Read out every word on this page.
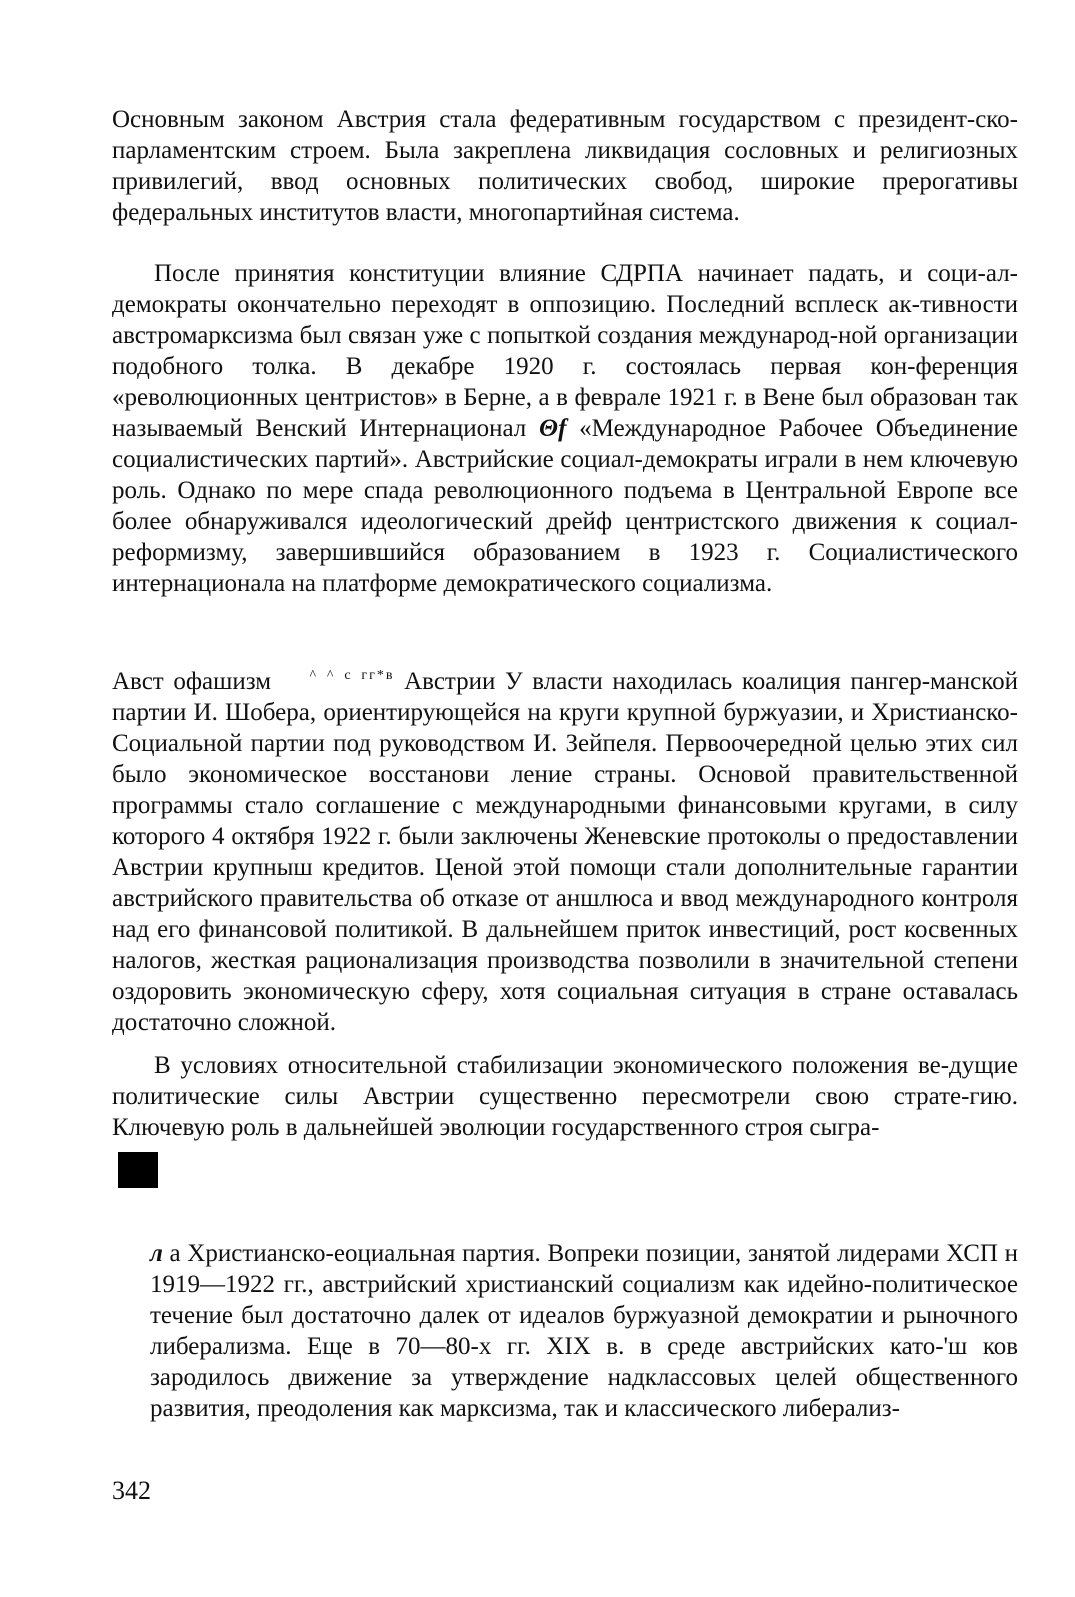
Основным законом Австрия стала федеративным государством с президент-ско-парламентским строем. Была закреплена ликвидация сословных и религиозных привилегий, ввод основных политических свобод, широкие прерогативы федеральных институтов власти, многопартийная система.

После принятия конституции влияние СДРПА начинает падать, и соци-ал-демократы окончательно переходят в оппозицию. Последний всплеск ак-тивности австромарксизма был связан уже с попыткой создания международ-ной организации подобного толка. В декабре 1920 г. состоялась первая кон-ференция «революционных центристов» в Берне, а в феврале 1921 г. в Вене был образован так называемый Венский Интернационал Θf «Международное Рабочее Объединение социалистических партий». Австрийские социал-демократы играли в нем ключевую роль. Однако по мере спада революционного подъема в Центральной Европе все более обнаруживался идеологический дрейф центристского движения к социал-реформизму, завершившийся образованием в 1923 г. Социалистического интернационала на платформе демократического социализма.

Авст офашизм	$^{\^{} \^{} с гг*в}$ Австрии У власти находилась коалиция пангер-манской партии И. Шобера, ориентирующейся на круги крупной буржуазии, и Христианско-Социальной партии под руководством И. Зейпеля. Первоочередной целью этих сил было экономическое восстанови ление страны. Основой правительственной программы стало соглашение с международными финансовыми кругами, в силу которого 4 октября 1922 г. были заключены Женевские протоколы о предоставлении Австрии крупныш кредитов. Ценой этой помощи стали дополнительные гарантии австрийского правительства об отказе от аншлюса и ввод международного контроля над его финансовой политикой. В дальнейшем приток инвестиций, рост косвенных налогов, жесткая рационализация производства позволили в значительной степени оздоровить экономическую сферу, хотя социальная ситуация в стране оставалась достаточно сложной.

В условиях относительной стабилизации экономического положения ве-дущие политические силы Австрии существенно пересмотрели свою страте-гию. Ключевую роль в дальнейшей эволюции государственного строя сыгра-

л а Христианско-еоциальная партия. Вопреки позиции, занятой лидерами ХСП н 1919—1922 гг., австрийский христианский социализм как идейно-политическое течение был достаточно далек от идеалов буржуазной демократии и рыночного либерализма. Еще в 70—80-х гг. XIX в. в среде австрийских като-'ш ков зародилось движение за утверждение надклассовых целей общественного развития, преодоления как марксизма, так и классического либерализ-

342
